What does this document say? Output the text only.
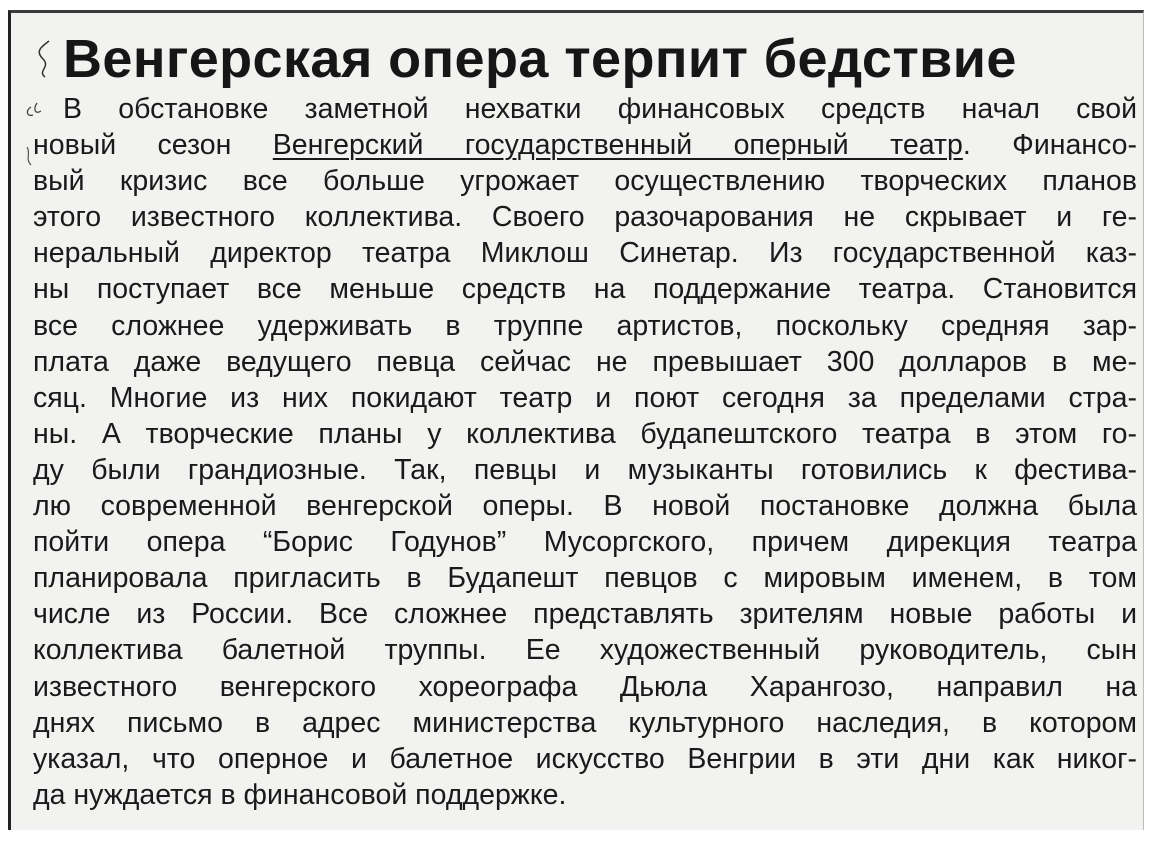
Венгерская опера терпит бедствие
В обстановке заметной нехватки финансовых средств начал свой
новый сезон Венгерский государственный оперный театр. Финансо-
вый кризис все больше угрожает осуществлению творческих планов
этого известного коллектива. Своего разочарования не скрывает и ге-
неральный директор театра Миклош Синетар. Из государственной каз-
ны поступает все меньше средств на поддержание театра. Становится
все сложнее удерживать в труппе артистов, поскольку средняя зар-
плата даже ведущего певца сейчас не превышает 300 долларов в ме-
сяц. Многие из них покидают театр и поют сегодня за пределами стра-
ны. А творческие планы у коллектива будапештского театра в этом го-
ду были грандиозные. Так, певцы и музыканты готовились к фестива-
лю современной венгерской оперы. В новой постановке должна была
пойти опера “Борис Годунов” Мусоргского, причем дирекция театра
планировала пригласить в Будапешт певцов с мировым именем, в том
числе из России. Все сложнее представлять зрителям новые работы и
коллектива балетной труппы. Ее художественный руководитель, сын
известного венгерского хореографа Дьюла Харангозо, направил на
днях письмо в адрес министерства культурного наследия, в котором
указал, что оперное и балетное искусство Венгрии в эти дни как никог-
да нуждается в финансовой поддержке.
